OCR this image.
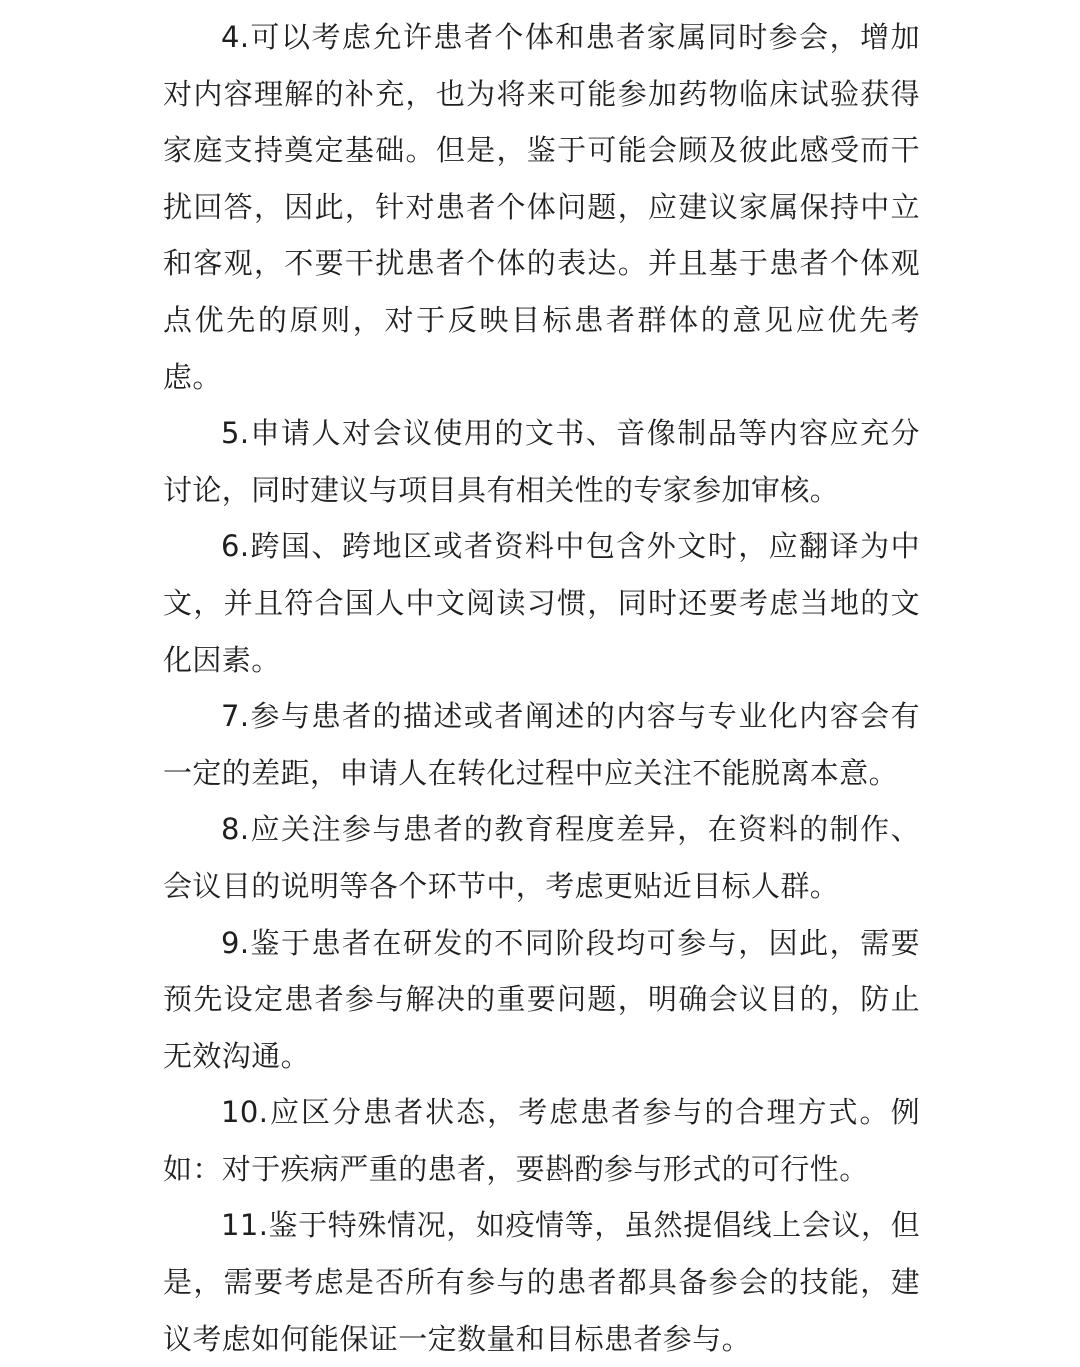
4.可以考虑允许患者个体和患者家属同时参会，增加对内容理解的补充，也为将来可能参加药物临床试验获得家庭支持奠定基础。但是，鉴于可能会顾及彼此感受而干扰回答，因此，针对患者个体问题，应建议家属保持中立和客观，不要干扰患者个体的表达。并且基于患者个体观点优先的原则，对于反映目标患者群体的意见应优先考虑。

5.申请人对会议使用的文书、音像制品等内容应充分讨论，同时建议与项目具有相关性的专家参加审核。

6.跨国、跨地区或者资料中包含外文时，应翻译为中文，并且符合国人中文阅读习惯，同时还要考虑当地的文化因素。

7.参与患者的描述或者阐述的内容与专业化内容会有一定的差距，申请人在转化过程中应关注不能脱离本意。

8.应关注参与患者的教育程度差异，在资料的制作、会议目的说明等各个环节中，考虑更贴近目标人群。

9.鉴于患者在研发的不同阶段均可参与，因此，需要预先设定患者参与解决的重要问题，明确会议目的，防止无效沟通。

10.应区分患者状态，考虑患者参与的合理方式。例如：对于疾病严重的患者，要斟酌参与形式的可行性。

11.鉴于特殊情况，如疫情等，虽然提倡线上会议，但是，需要考虑是否所有参与的患者都具备参会的技能，建议考虑如何能保证一定数量和目标患者参与。
